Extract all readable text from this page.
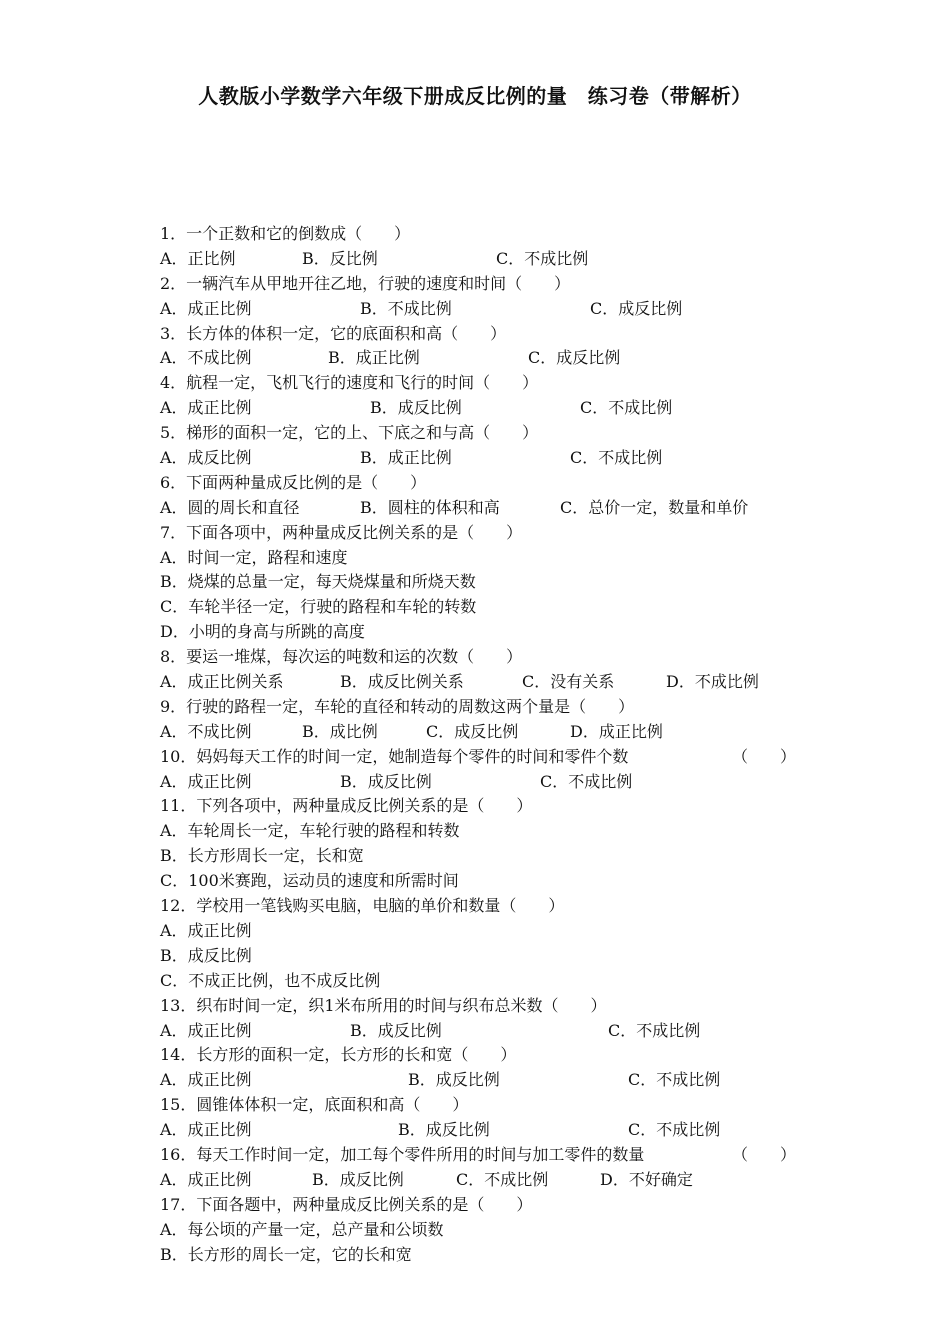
人教版小学数学六年级下册成反比例的量　练习卷（带解析）
1．一个正数和它的倒数成（　　）
A．正比例	B．反比例	C．不成比例
2．一辆汽车从甲地开往乙地，行驶的速度和时间（　　）
A．成正比例	B．不成比例	C．成反比例
3．长方体的体积一定，它的底面积和高（　　）
A．不成比例	B．成正比例	C．成反比例
4．航程一定，飞机飞行的速度和飞行的时间（　　）
A．成正比例	B．成反比例	C．不成比例
5．梯形的面积一定，它的上、下底之和与高（　　）
A．成反比例	B．成正比例	C．不成比例
6．下面两种量成反比例的是（　　）
A．圆的周长和直径	B．圆柱的体积和高	C．总价一定，数量和单价
7．下面各项中，两种量成反比例关系的是（　　）
A．时间一定，路程和速度
B．烧煤的总量一定，每天烧煤量和所烧天数
C．车轮半径一定，行驶的路程和车轮的转数
D．小明的身高与所跳的高度
8．要运一堆煤，每次运的吨数和运的次数（　　）
A．成正比例关系	B．成反比例关系	C．没有关系	D．不成比例
9．行驶的路程一定，车轮的直径和转动的周数这两个量是（　　）
A．不成比例	B．成比例	C．成反比例	D．成正比例
10．妈妈每天工作的时间一定，她制造每个零件的时间和零件个数	（　　）
A．成正比例	B．成反比例	C．不成比例
11．下列各项中，两种量成反比例关系的是（　　）
A．车轮周长一定，车轮行驶的路程和转数
B．长方形周长一定，长和宽
C．100米赛跑，运动员的速度和所需时间
12．学校用一笔钱购买电脑，电脑的单价和数量（　　）
A．成正比例
B．成反比例
C．不成正比例，也不成反比例
13．织布时间一定，织1米布所用的时间与织布总米数（　　）
A．成正比例	B．成反比例	C．不成比例
14．长方形的面积一定，长方形的长和宽（　　）
A．成正比例	B．成反比例	C．不成比例
15．圆锥体体积一定，底面积和高（　　）
A．成正比例	B．成反比例	C．不成比例
16．每天工作时间一定，加工每个零件所用的时间与加工零件的数量	（　　）
A．成正比例	B．成反比例	C．不成比例	D．不好确定
17．下面各题中，两种量成反比例关系的是（　　）
A．每公顷的产量一定，总产量和公顷数
B．长方形的周长一定，它的长和宽
